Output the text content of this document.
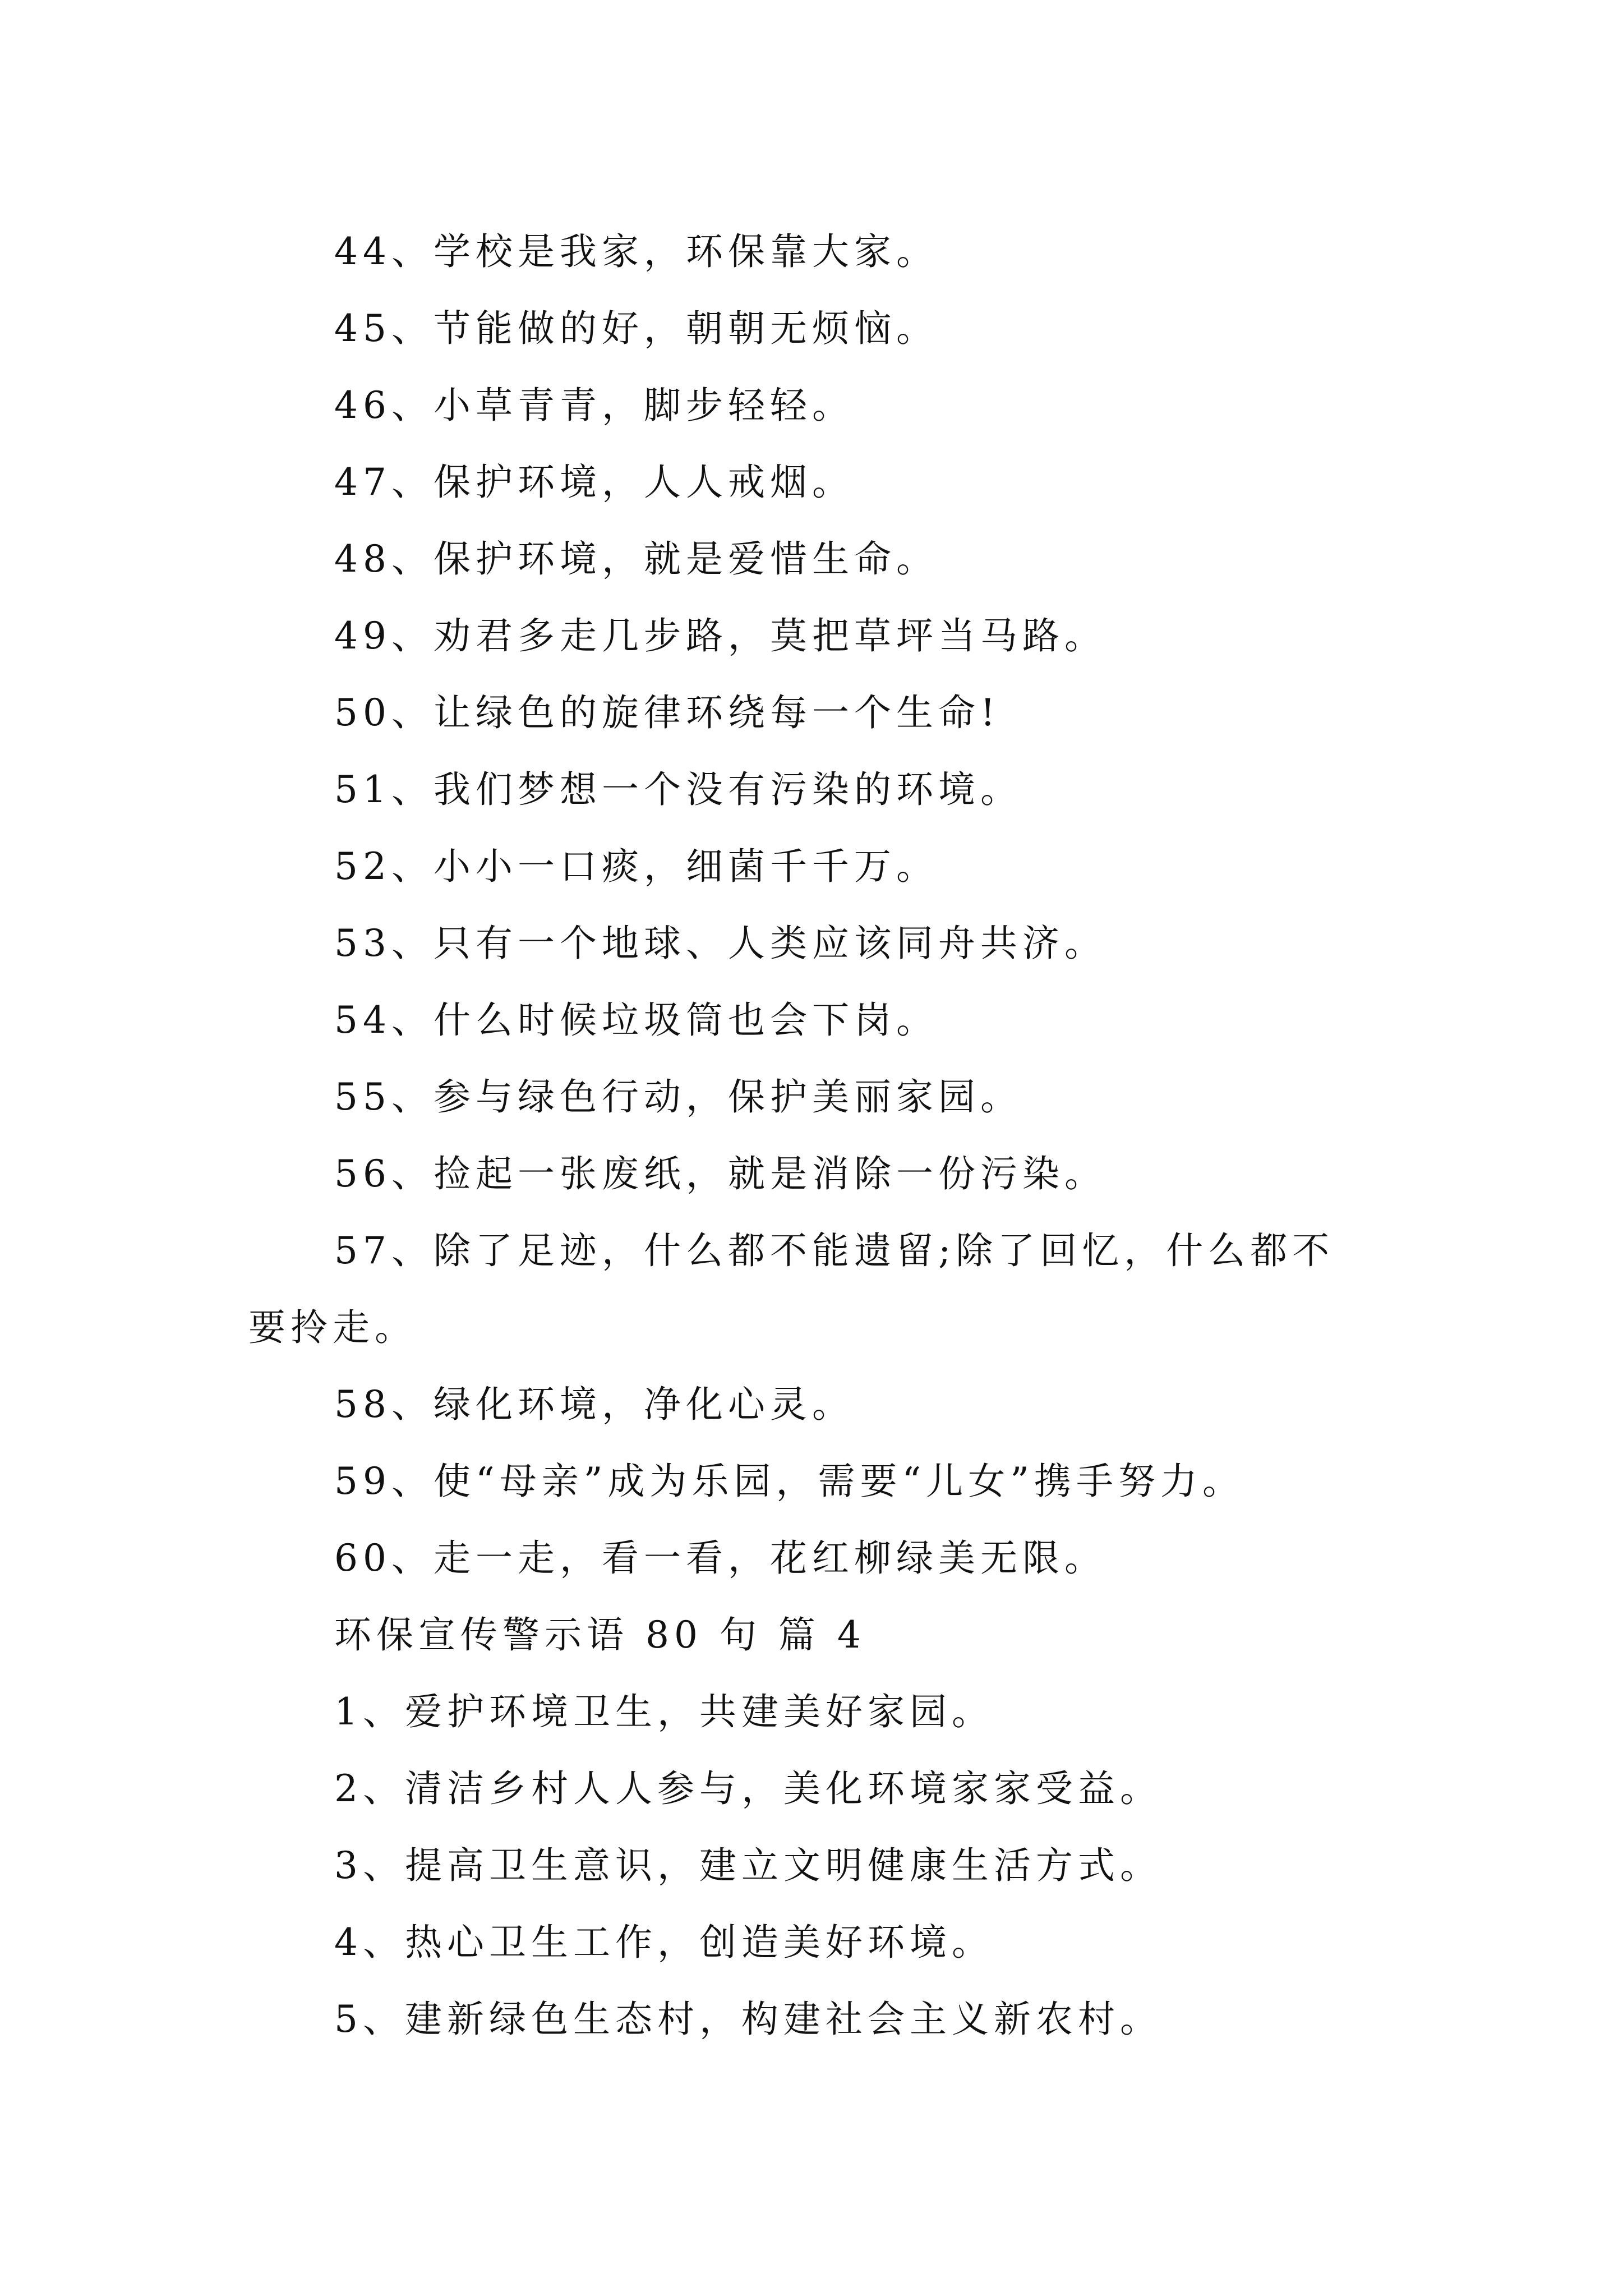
44、学校是我家，环保靠大家。
45、节能做的好，朝朝无烦恼。
46、小草青青，脚步轻轻。
47、保护环境，人人戒烟。
48、保护环境，就是爱惜生命。
49、劝君多走几步路，莫把草坪当马路。
50、让绿色的旋律环绕每一个生命!
51、我们梦想一个没有污染的环境。
52、小小一口痰，细菌千千万。
53、只有一个地球、人类应该同舟共济。
54、什么时候垃圾筒也会下岗。
55、参与绿色行动，保护美丽家园。
56、捡起一张废纸，就是消除一份污染。
57、除了足迹，什么都不能遗留;除了回忆，什么都不
要拎走。
58、绿化环境，净化心灵。
59、使“母亲”成为乐园，需要“儿女”携手努力。
60、走一走，看一看，花红柳绿美无限。
环保宣传警示语 80 句 篇 4
1、爱护环境卫生，共建美好家园。
2、清洁乡村人人参与，美化环境家家受益。
3、提高卫生意识，建立文明健康生活方式。
4、热心卫生工作，创造美好环境。
5、建新绿色生态村，构建社会主义新农村。
